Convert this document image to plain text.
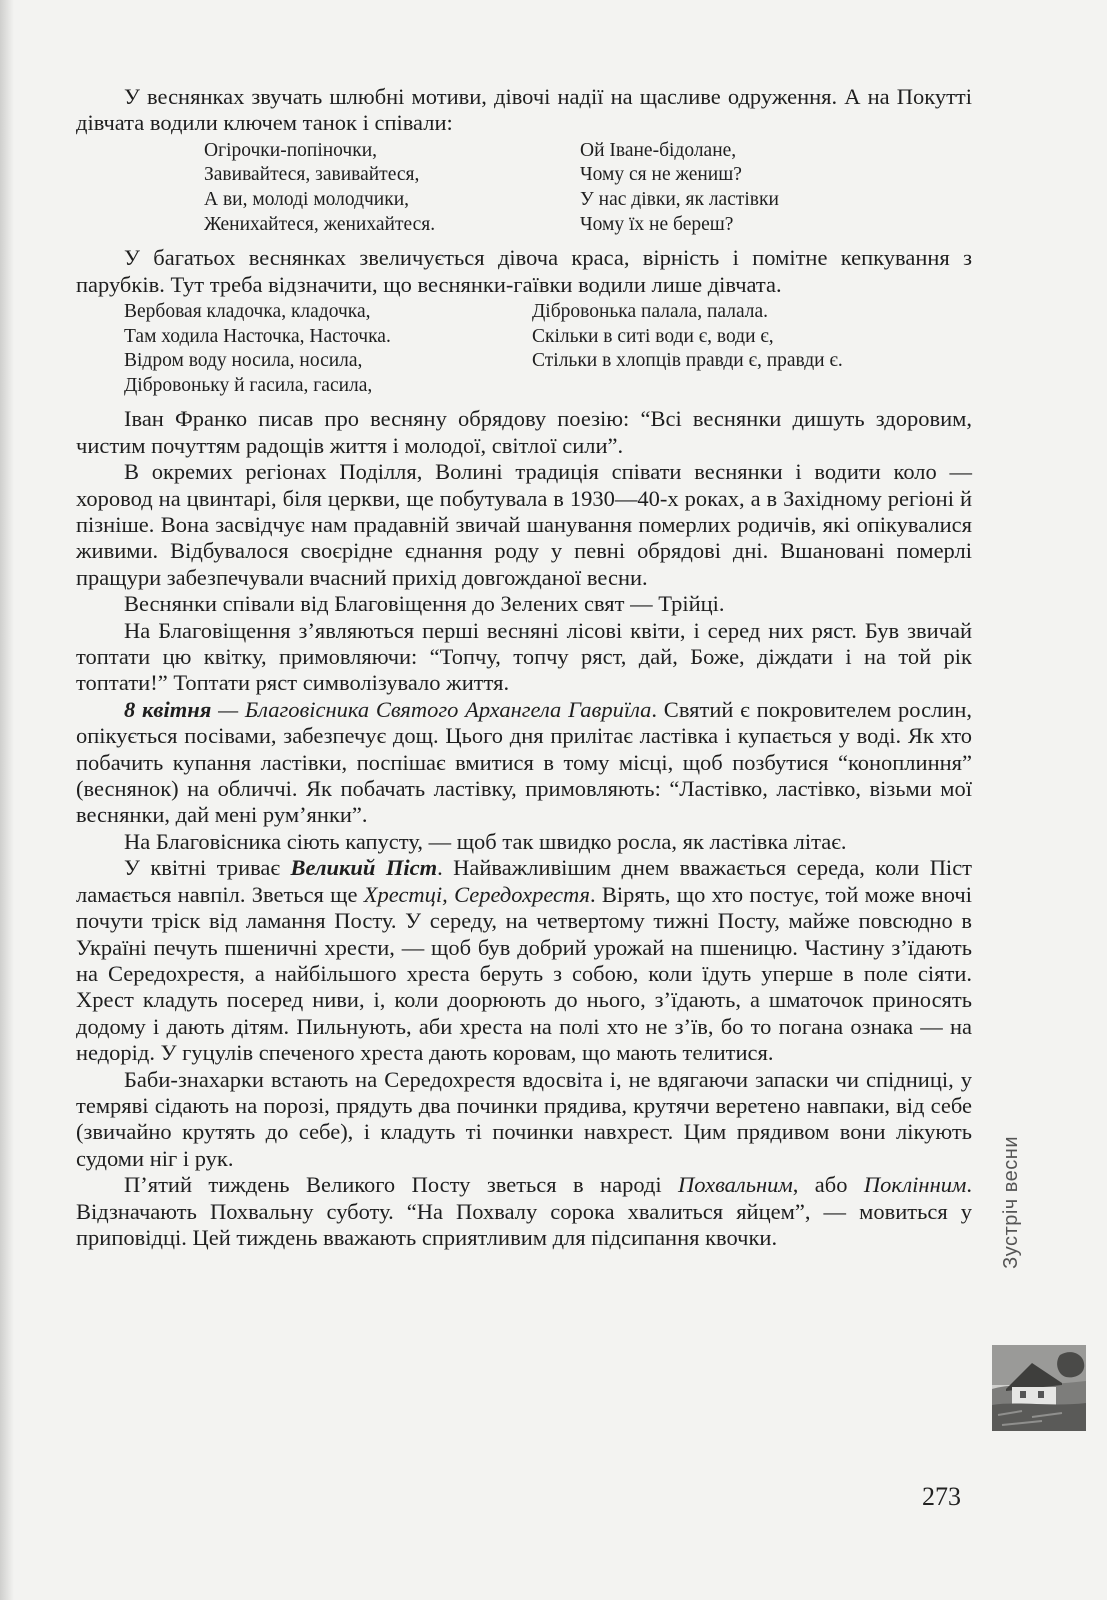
У веснянках звучать шлюбні мотиви, дівочі надії на щасливе одруження. А на Покутті дівчата водили ключем танок і співали:

Огірочки-попіночки,
Завивайтеся, завивайтеся,
А ви, молоді молодчики,
Женихайтеся, женихайтеся.
Ой Іване-бідолане,
Чому ся не жениш?
У нас дівки, як ластівки
Чому їх не береш?

У багатьох веснянках звеличується дівоча краса, вірність і помітне кепкування з парубків. Тут треба відзначити, що веснянки-гаївки водили лише дівчата.

Вербовая кладочка, кладочка,
Там ходила Насточка, Насточка.
Відром воду носила, носила,
Дібровоньку й гасила, гасила,
Дібровонька палала, палала.
Скільки в ситі води є, води є,
Стільки в хлопців правди є, правди є.

Іван Франко писав про весняну обрядову поезію: “Всі веснянки дишуть здоровим, чистим почуттям радощів життя і молодої, світлої сили”.

В окремих регіонах Поділля, Волині традиція співати веснянки і водити коло — хоровод на цвинтарі, біля церкви, ще побутувала в 1930—40-х роках, а в Західному регіоні й пізніше. Вона засвідчує нам прадавній звичай шанування померлих родичів, які опікувалися живими. Відбувалося своєрідне єднання роду у певні обрядові дні. Вшановані померлі пращури забезпечували вчасний прихід довгожданої весни.

Веснянки співали від Благовіщення до Зелених свят — Трійці.

На Благовіщення з’являються перші весняні лісові квіти, і серед них ряст. Був звичай топтати цю квітку, примовляючи: “Топчу, топчу ряст, дай, Боже, діждати і на той рік топтати!” Топтати ряст символізувало життя.

8 квітня — Благовісника Святого Архангела Гавриїла. Святий є покровителем рослин, опікується посівами, забезпечує дощ. Цього дня прилітає ластівка і купається у воді. Як хто побачить купання ластівки, поспішає вмитися в тому місці, щоб позбутися “коноплиння” (веснянок) на обличчі. Як побачать ластівку, примовляють: “Ластівко, ластівко, візьми мої веснянки, дай мені рум’янки”.

На Благовісника сіють капусту, — щоб так швидко росла, як ластівка літає.

У квітні триває Великий Піст. Найважливішим днем вважається середа, коли Піст ламається навпіл. Зветься ще Хрестці, Середохрестя. Вірять, що хто постує, той може вночі почути тріск від ламання Посту. У середу, на четвертому тижні Посту, майже повсюдно в Україні печуть пшеничні хрести, — щоб був добрий урожай на пшеницю. Частину з’їдають на Середохрестя, а найбільшого хреста беруть з собою, коли їдуть уперше в поле сіяти. Хрест кладуть посеред ниви, і, коли доорюють до нього, з’їдають, а шматочок приносять додому і дають дітям. Пильнують, аби хреста на полі хто не з’їв, бо то погана ознака — на недорід. У гуцулів спеченого хреста дають коровам, що мають телитися.

Баби-знахарки встають на Середохрестя вдосвіта і, не вдягаючи запаски чи спідниці, у темряві сідають на порозі, прядуть два починки прядива, крутячи веретено навпаки, від себе (звичайно крутять до себе), і кладуть ті починки навхрест. Цим прядивом вони лікують судоми ніг і рук.

П’ятий тиждень Великого Посту зветься в народі Похвальним, або Поклінним. Відзначають Похвальну суботу. “На Похвалу сорока хвалиться яйцем”, — мовиться у приповідці. Цей тиждень вважають сприятливим для підсипання квочки.	Зустріч весни
273
